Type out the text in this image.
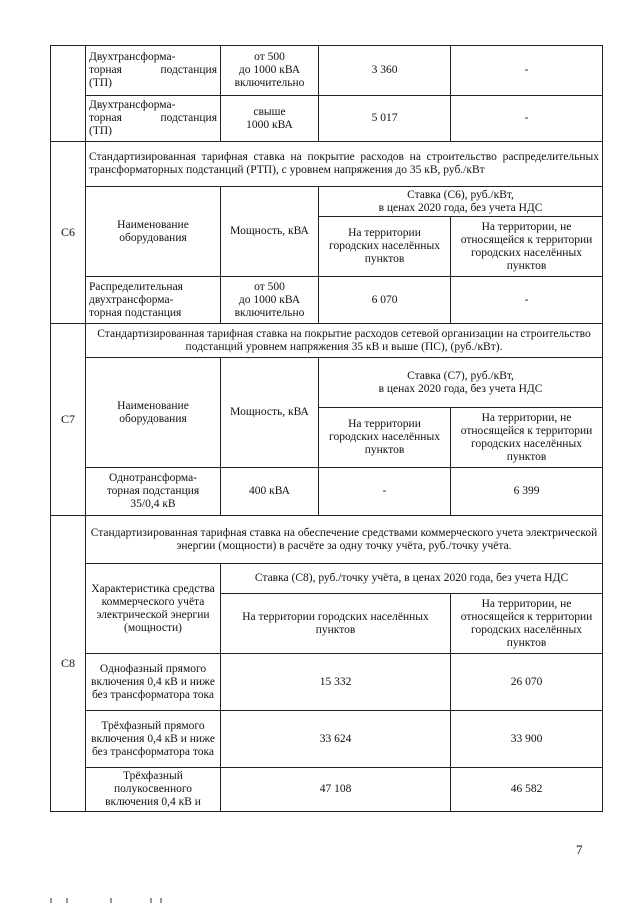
	Двухтрансформа-
торная подстанция
(ТП)	от 500
до 1000 кВА
включительно	3 360	-
	Двухтрансформа-
торная подстанция
(ТП)	свыше
1000 кВА	5 017	-
С6	Стандартизированная тарифная ставка на покрытие расходов на строительство распределительных трансформаторных подстанций (РТП), с уровнем напряжения до 35 кВ, руб./кВт			
	Наименование оборудования	Мощность, кВА	Ставка (С6), руб./кВт,
в ценах 2020 года, без учета НДС	
			На территории городских населённых пунктов	На территории, не относящейся к территории городских населённых пунктов
	Распределительная двухтрансформа-
торная подстанция	от 500
до 1000 кВА
включительно	6 070	-
С7	Стандартизированная тарифная ставка на покрытие расходов сетевой организации на строительство подстанций уровнем напряжения 35 кВ и выше (ПС), (руб./кВт).			
	Наименование оборудования	Мощность, кВА	Ставка (С7), руб./кВт,
в ценах 2020 года, без учета НДС	
			На территории городских населённых пунктов	На территории, не относящейся к территории городских населённых пунктов
	Однотрансформа-
торная подстанция
35/0,4 кВ	400 кВА	-	6 399
С8	Стандартизированная тарифная ставка на обеспечение средствами коммерческого учета электрической энергии (мощности) в расчёте за одну точку учёта, руб./точку учёта.			
	Характеристика средства коммерческого учёта электрической энергии (мощности)	Ставка (С8), руб./точку учёта, в ценах 2020 года, без учета НДС		
		На территории городских населённых пунктов		На территории, не относящейся к территории городских населённых пунктов
	Однофазный прямого включения 0,4 кВ и ниже без трансформатора тока	15 332		26 070
	Трёхфазный прямого включения 0,4 кВ и ниже без трансформатора тока	33 624		33 900
	Трёхфазный полукосвенного включения 0,4 кВ и	47 108		46 582
7
